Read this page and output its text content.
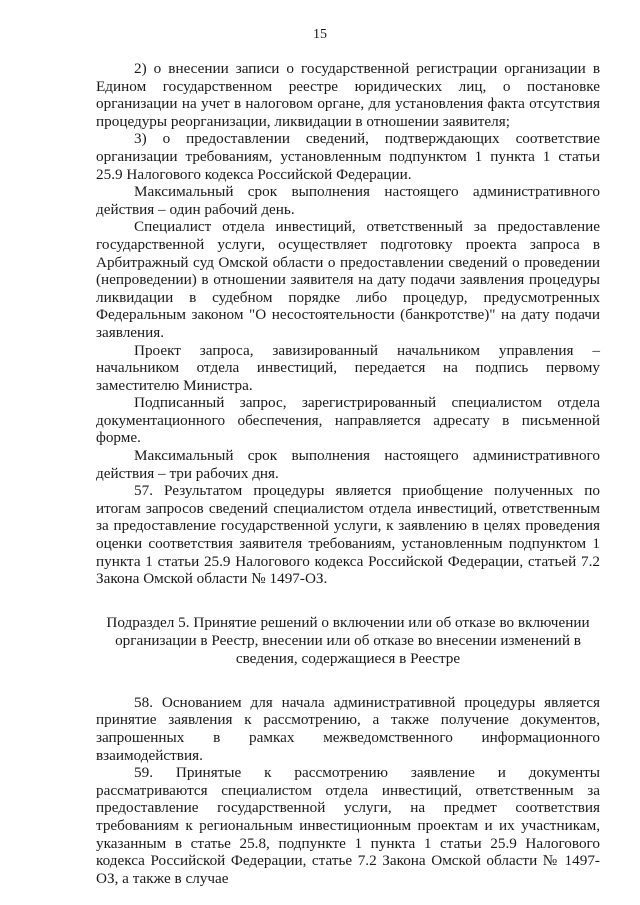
15

2) о внесении записи о государственной регистрации организации в Едином государственном реестре юридических лиц, о постановке организации на учет в налоговом органе, для установления факта отсутствия процедуры реорганизации, ликвидации в отношении заявителя;

3) о предоставлении сведений, подтверждающих соответствие организации требованиям, установленным подпунктом 1 пункта 1 статьи 25.9 Налогового кодекса Российской Федерации.

Максимальный срок выполнения настоящего административного действия – один рабочий день.

Специалист отдела инвестиций, ответственный за предоставление государственной услуги, осуществляет подготовку проекта запроса в Арбитражный суд Омской области о предоставлении сведений о проведении (непроведении) в отношении заявителя на дату подачи заявления процедуры ликвидации в судебном порядке либо процедур, предусмотренных Федеральным законом "О несостоятельности (банкротстве)" на дату подачи заявления.

Проект запроса, завизированный начальником управления – начальником отдела инвестиций, передается на подпись первому заместителю Министра.

Подписанный запрос, зарегистрированный специалистом отдела документационного обеспечения, направляется адресату в письменной форме.

Максимальный срок выполнения настоящего административного действия – три рабочих дня.

57. Результатом процедуры является приобщение полученных по итогам запросов сведений специалистом отдела инвестиций, ответственным за предоставление государственной услуги, к заявлению в целях проведения оценки соответствия заявителя требованиям, установленным подпунктом 1 пункта 1 статьи 25.9 Налогового кодекса Российской Федерации, статьей 7.2 Закона Омской области № 1497-ОЗ.

Подраздел 5. Принятие решений о включении или об отказе во включении организации в Реестр, внесении или об отказе во внесении изменений в сведения, содержащиеся в Реестре

58. Основанием для начала административной процедуры является принятие заявления к рассмотрению, а также получение документов, запрошенных в рамках межведомственного информационного взаимодействия.

59. Принятые к рассмотрению заявление и документы рассматриваются специалистом отдела инвестиций, ответственным за предоставление государственной услуги, на предмет соответствия требованиям к региональным инвестиционным проектам и их участникам, указанным в статье 25.8, подпункте 1 пункта 1 статьи 25.9 Налогового кодекса Российской Федерации, статье 7.2 Закона Омской области № 1497-ОЗ, а также в случае
